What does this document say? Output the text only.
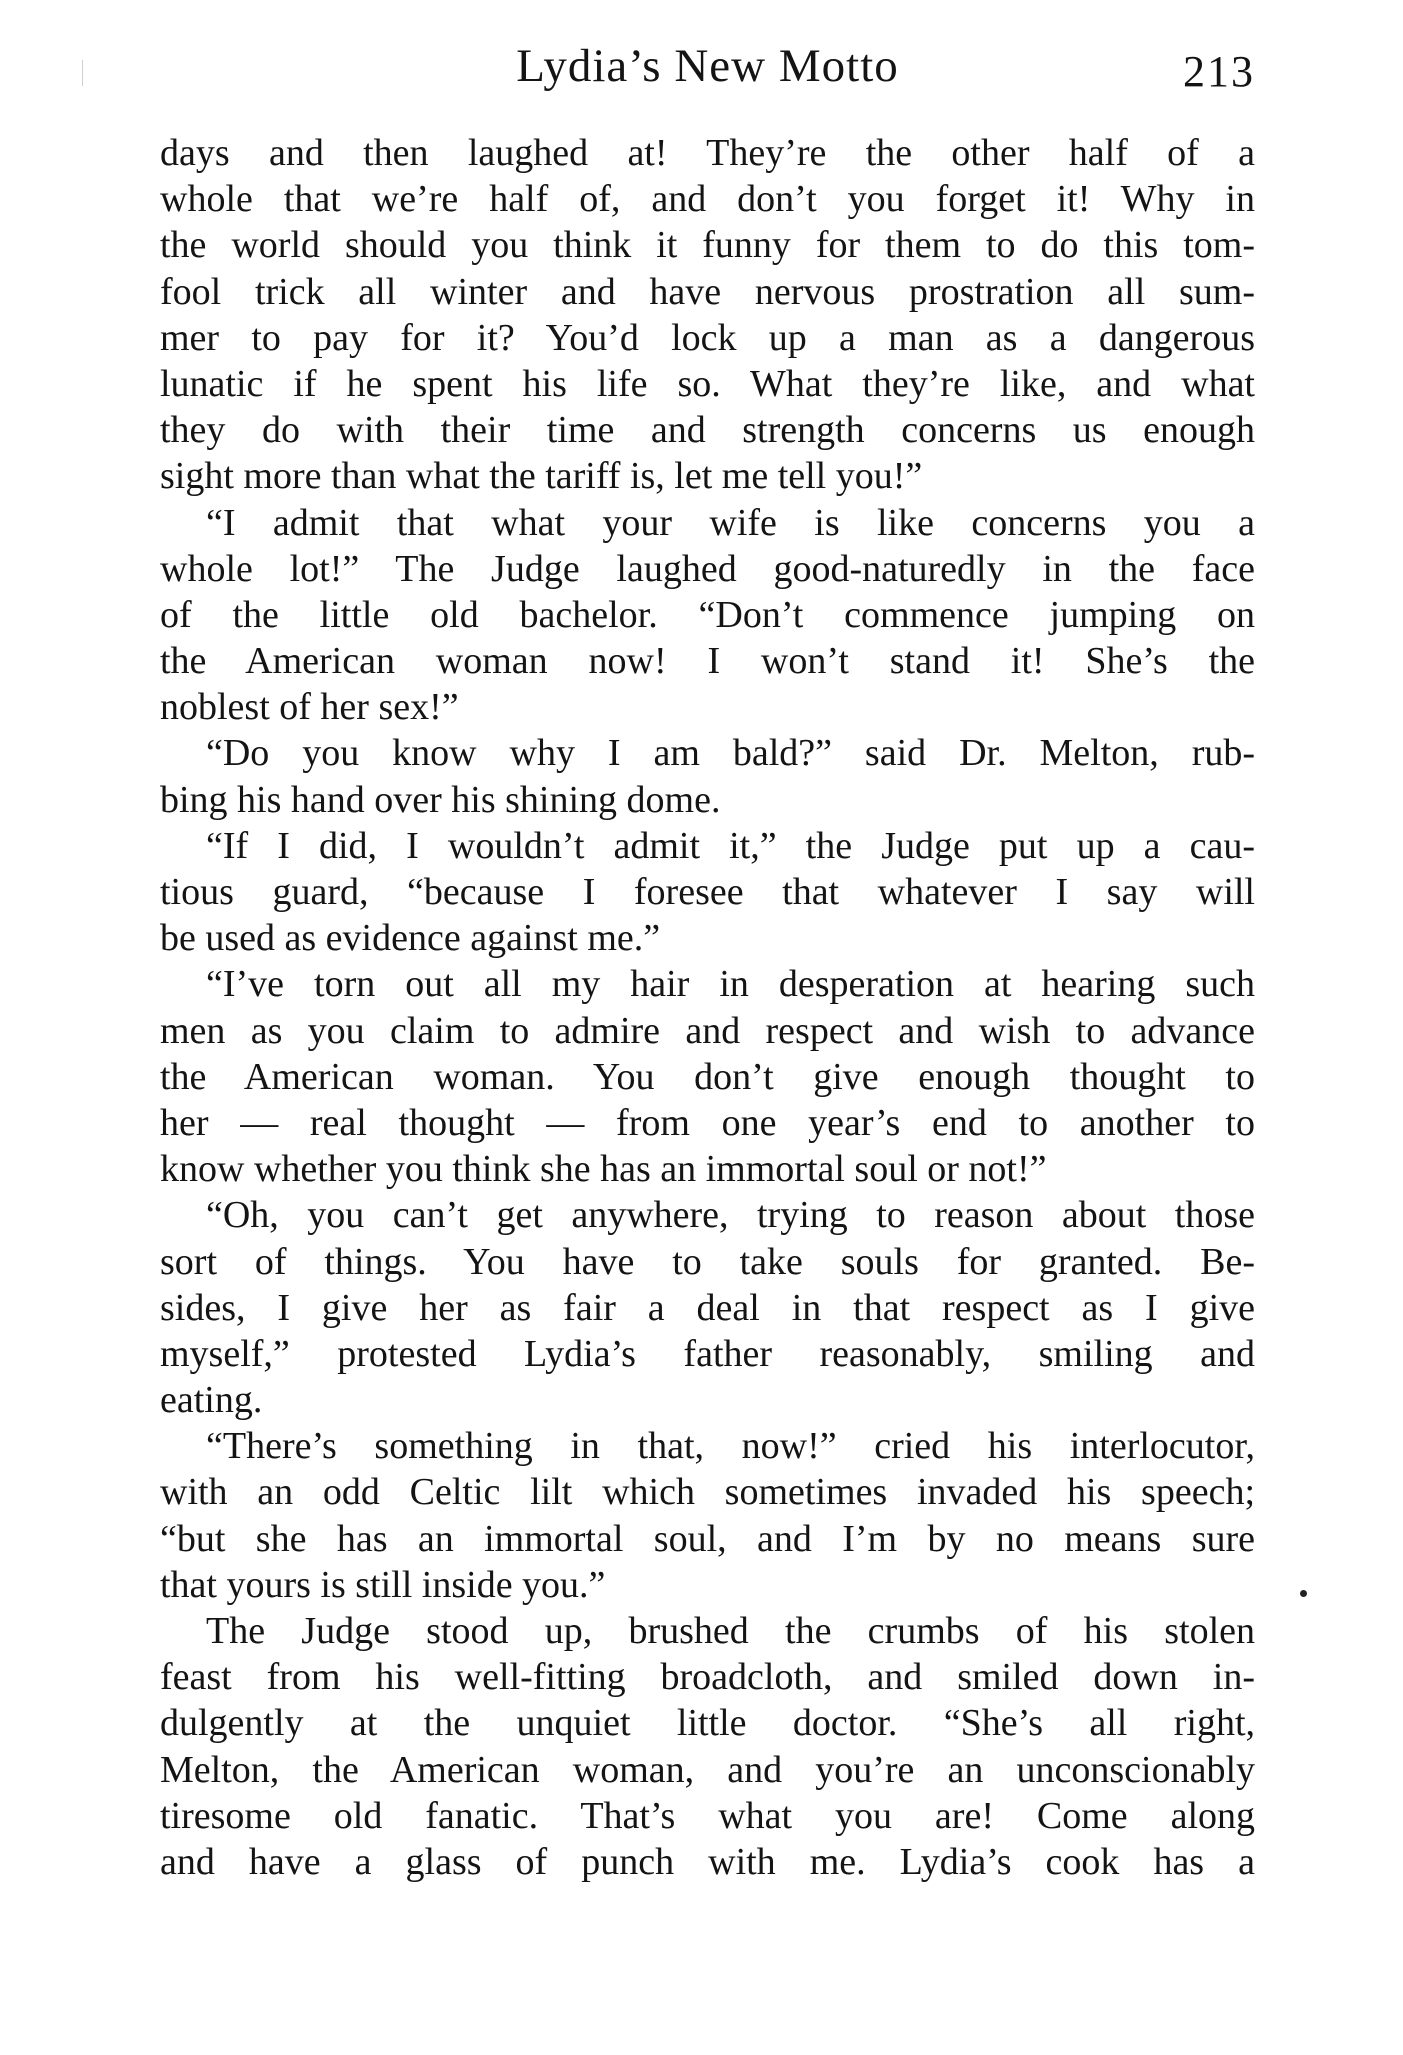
Lydia’s New Motto	213
days and then laughed at! They’re the other half of a
whole that we’re half of, and don’t you forget it! Why in
the world should you think it funny for them to do this tom-
fool trick all winter and have nervous prostration all sum-
mer to pay for it? You’d lock up a man as a dangerous
lunatic if he spent his life so. What they’re like, and what
they do with their time and strength concerns us enough
sight more than what the tariff is, let me tell you!”
“I admit that what your wife is like concerns you a
whole lot!” The Judge laughed good-naturedly in the face
of the little old bachelor. “Don’t commence jumping on
the American woman now! I won’t stand it! She’s the
noblest of her sex!”
“Do you know why I am bald?” said Dr. Melton, rub-
bing his hand over his shining dome.
“If I did, I wouldn’t admit it,” the Judge put up a cau-
tious guard, “because I foresee that whatever I say will
be used as evidence against me.”
“I’ve torn out all my hair in desperation at hearing such
men as you claim to admire and respect and wish to advance
the American woman. You don’t give enough thought to
her — real thought — from one year’s end to another to
know whether you think she has an immortal soul or not!”
“Oh, you can’t get anywhere, trying to reason about those
sort of things. You have to take souls for granted. Be-
sides, I give her as fair a deal in that respect as I give
myself,” protested Lydia’s father reasonably, smiling and
eating.
“There’s something in that, now!” cried his interlocutor,
with an odd Celtic lilt which sometimes invaded his speech;
“but she has an immortal soul, and I’m by no means sure
that yours is still inside you.”
The Judge stood up, brushed the crumbs of his stolen
feast from his well-fitting broadcloth, and smiled down in-
dulgently at the unquiet little doctor. “She’s all right,
Melton, the American woman, and you’re an unconscionably
tiresome old fanatic. That’s what you are! Come along
and have a glass of punch with me. Lydia’s cook has a
